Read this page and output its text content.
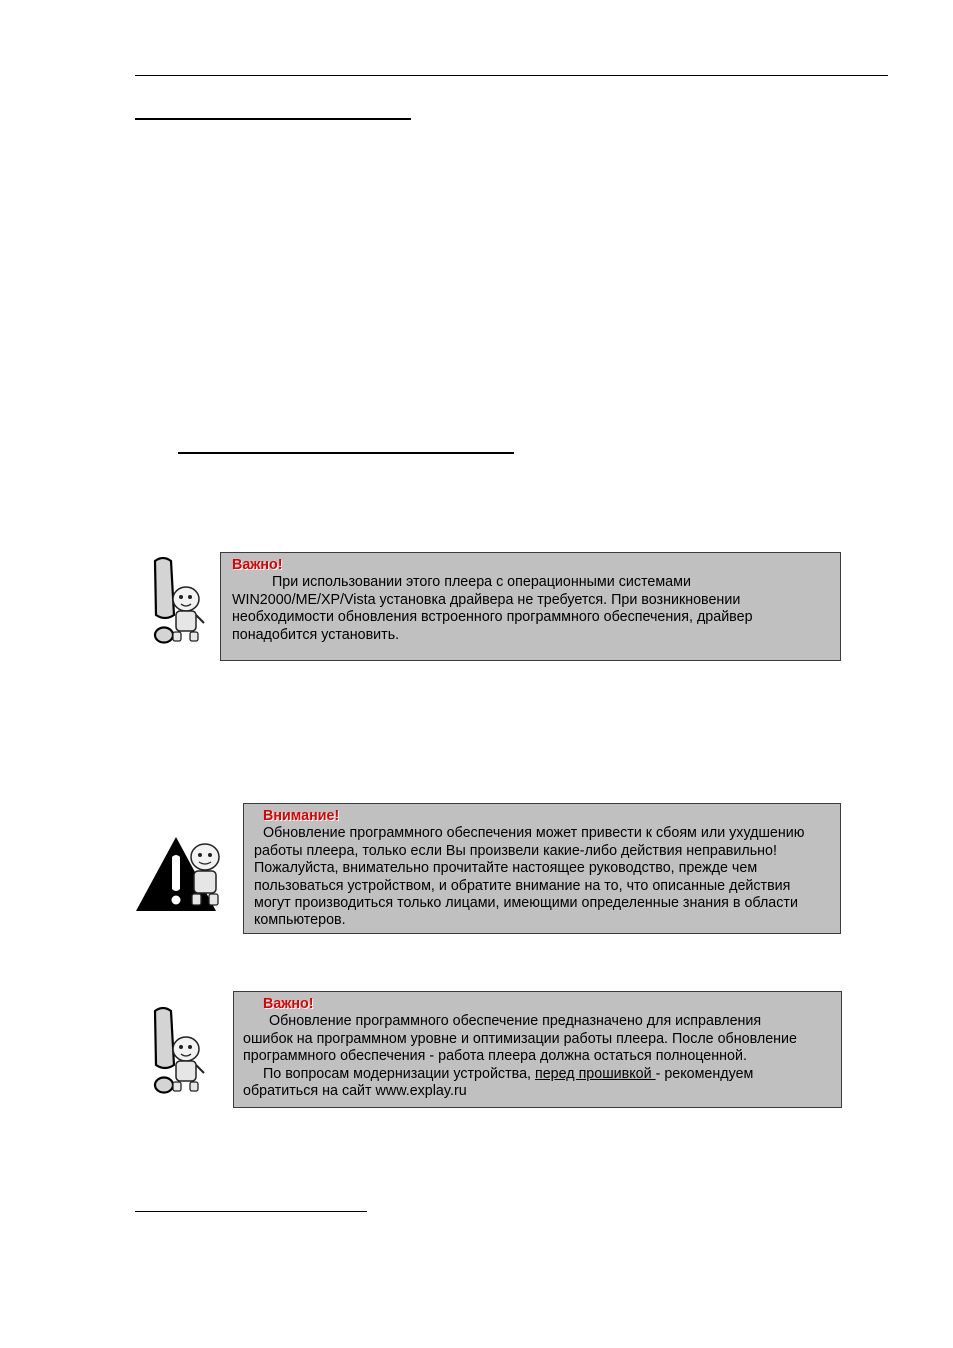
Важно!
При использовании этого плеера с операционными системами
WIN2000/ME/XP/Vista установка драйвера не требуется. При возникновении
необходимости обновления встроенного программного обеспечения, драйвер
понадобится установить.
Внимание!
Обновление программного обеспечения может привести к сбоям или ухудшению
работы плеера, только если Вы произвели какие-либо действия неправильно!
Пожалуйста, внимательно прочитайте настоящее руководство, прежде чем
пользоваться устройством, и обратите внимание на то, что описанные действия
могут производиться только лицами, имеющими определенные знания в области
компьютеров.
Важно!
Обновление программного обеспечение предназначено для исправления
ошибок на программном уровне и оптимизации работы плеера. После обновление
программного обеспечения - работа плеера должна остаться полноценной.
По вопросам модернизации устройства, перед прошивкой - рекомендуем
обратиться на сайт www.explay.ru
